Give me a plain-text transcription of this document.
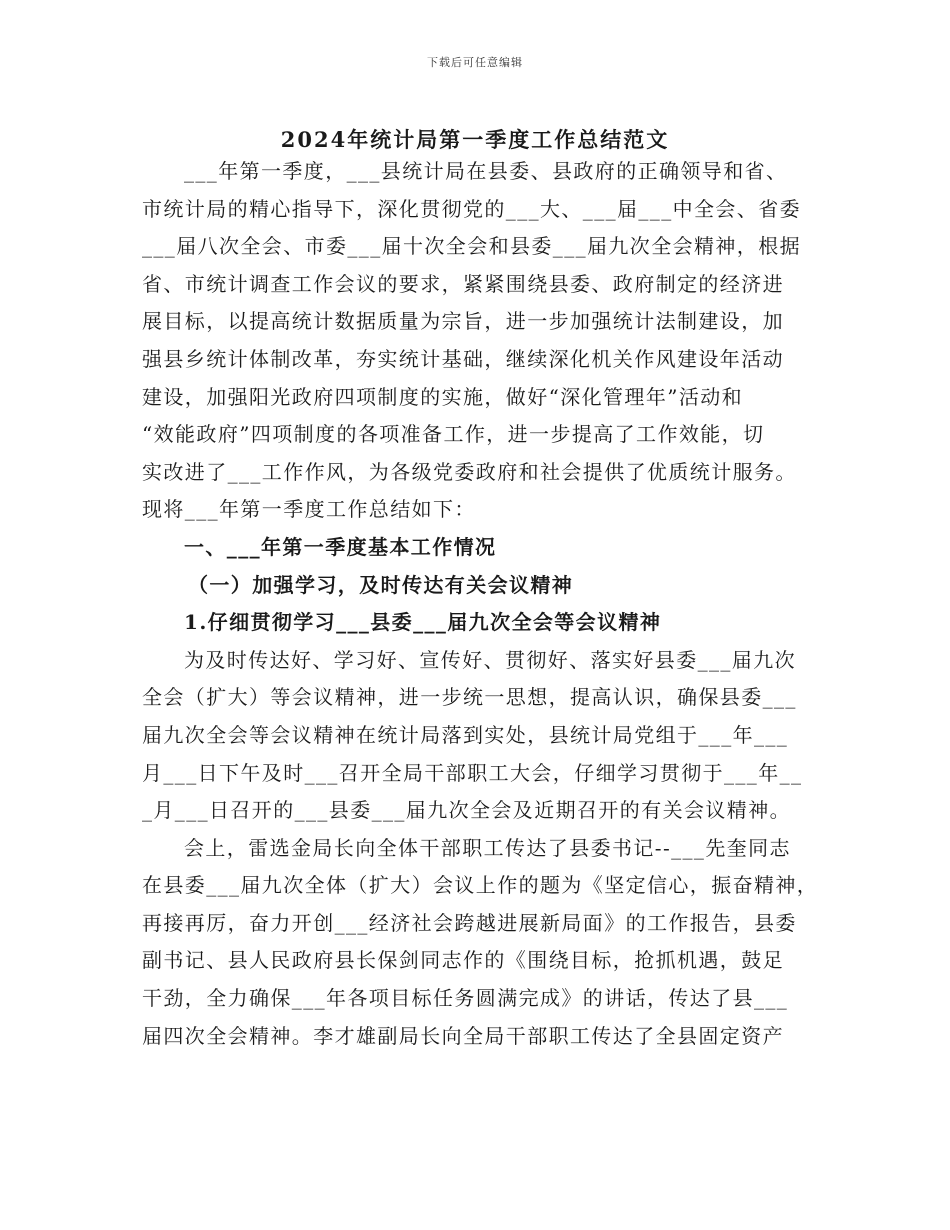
下载后可任意编辑
2024年统计局第一季度工作总结范文
___年第一季度，___县统计局在县委、县政府的正确领导和省、
市统计局的精心指导下，深化贯彻党的___大、___届___中全会、省委
___届八次全会、市委___届十次全会和县委___届九次全会精神，根据
省、市统计调查工作会议的要求，紧紧围绕县委、政府制定的经济进
展目标，以提高统计数据质量为宗旨，进一步加强统计法制建设，加
强县乡统计体制改革，夯实统计基础，继续深化机关作风建设年活动
建设，加强阳光政府四项制度的实施，做好“深化管理年”活动和
“效能政府”四项制度的各项准备工作，进一步提高了工作效能，切
实改进了___工作作风，为各级党委政府和社会提供了优质统计服务。
现将___年第一季度工作总结如下：
一、___年第一季度基本工作情况
（一）加强学习，及时传达有关会议精神
1.仔细贯彻学习___县委___届九次全会等会议精神
为及时传达好、学习好、宣传好、贯彻好、落实好县委___届九次
全会（扩大）等会议精神，进一步统一思想，提高认识，确保县委___
届九次全会等会议精神在统计局落到实处，县统计局党组于___年___
月___日下午及时___召开全局干部职工大会，仔细学习贯彻于___年__
_月___日召开的___县委___届九次全会及近期召开的有关会议精神。
会上，雷选金局长向全体干部职工传达了县委书记--___先奎同志
在县委___届九次全体（扩大）会议上作的题为《坚定信心，振奋精神，
再接再厉，奋力开创___经济社会跨越进展新局面》的工作报告，县委
副书记、县人民政府县长保剑同志作的《围绕目标，抢抓机遇，鼓足
干劲，全力确保___年各项目标任务圆满完成》的讲话，传达了县___
届四次全会精神。李才雄副局长向全局干部职工传达了全县固定资产
